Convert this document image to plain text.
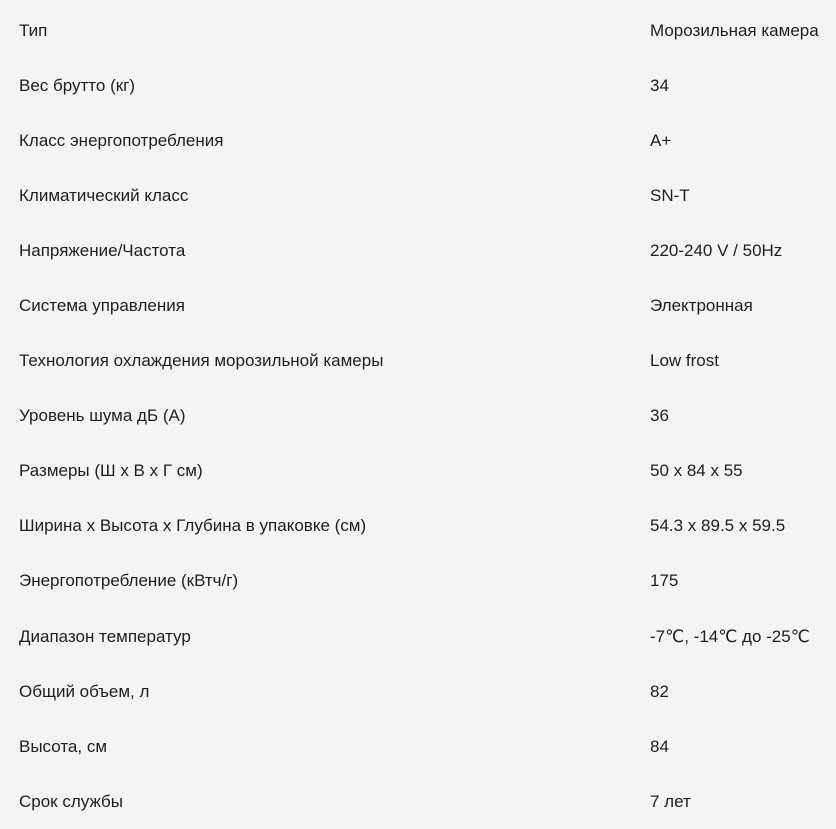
Тип	Морозильная камера
Вес брутто (кг)	34
Класс энергопотребления	A+
Климатический класс	SN-T
Напряжение/Частота	220-240 V / 50Hz
Система управления	Электронная
Технология охлаждения морозильной камеры	Low frost
Уровень шума дБ (А)	36
Размеры (Ш х В х Г см)	50 х 84 х 55
Ширина х Высота х Глубина в упаковке (см)	54.3 x 89.5 x 59.5
Энергопотребление (кВтч/г)	175
Диапазон температур	-7℃, -14℃ до -25℃
Общий объем, л	82
Высота, см	84
Срок службы	7 лет
